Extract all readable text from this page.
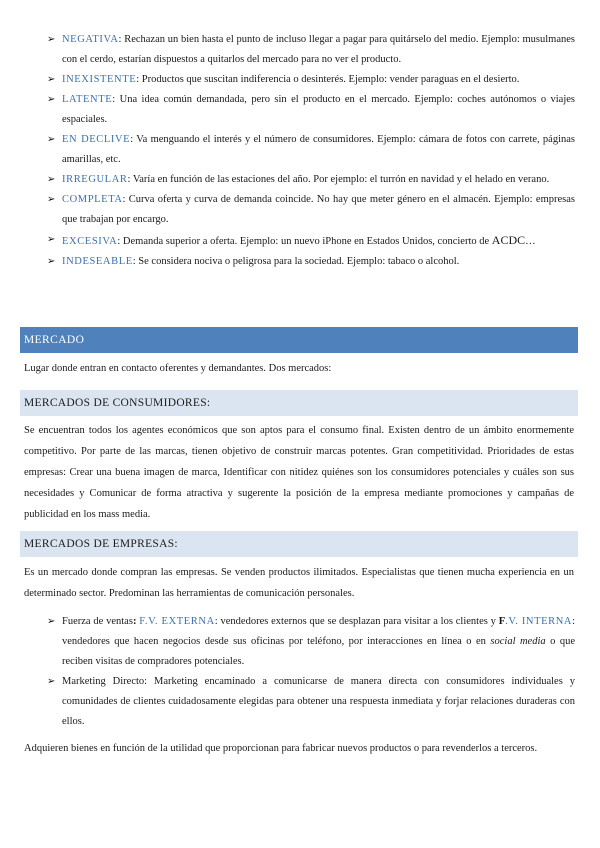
➢ NEGATIVA: Rechazan un bien hasta el punto de incluso llegar a pagar para quitárselo del medio. Ejemplo: musulmanes con el cerdo, estarían dispuestos a quitarlos del mercado para no ver el producto.
➢ INEXISTENTE: Productos que suscitan indiferencia o desinterés. Ejemplo: vender paraguas en el desierto.
➢ LATENTE: Una idea común demandada, pero sin el producto en el mercado. Ejemplo: coches autónomos o viajes espaciales.
➢ EN DECLIVE: Va menguando el interés y el número de consumidores. Ejemplo: cámara de fotos con carrete, páginas amarillas, etc.
➢ IRREGULAR: Varía en función de las estaciones del año. Por ejemplo: el turrón en navidad y el helado en verano.
➢ COMPLETA: Curva oferta y curva de demanda coincide. No hay que meter género en el almacén. Ejemplo: empresas que trabajan por encargo.
➢ EXCESIVA: Demanda superior a oferta. Ejemplo: un nuevo iPhone en Estados Unidos, concierto de ACDC…
➢ INDESEABLE: Se considera nociva o peligrosa para la sociedad. Ejemplo: tabaco o alcohol.
MERCADO

Lugar donde entran en contacto oferentes y demandantes. Dos mercados:

MERCADOS DE CONSUMIDORES:

Se encuentran todos los agentes económicos que son aptos para el consumo final. Existen dentro de un ámbito enormemente competitivo. Por parte de las marcas, tienen objetivo de construir marcas potentes. Gran competitividad. Prioridades de estas empresas: Crear una buena imagen de marca, Identificar con nitidez quiénes son los consumidores potenciales y cuáles son sus necesidades y Comunicar de forma atractiva y sugerente la posición de la empresa mediante promociones y campañas de publicidad en los mass media.

MERCADOS DE EMPRESAS:

Es un mercado donde compran las empresas. Se venden productos ilimitados. Especialistas que tienen mucha experiencia en un determinado sector. Predominan las herramientas de comunicación personales.

➢ Fuerza de ventas: F.V. EXTERNA: vendedores externos que se desplazan para visitar a los clientes y F.V. INTERNA: vendedores que hacen negocios desde sus oficinas por teléfono, por interacciones en línea o en social media o que reciben visitas de compradores potenciales.
➢ Marketing Directo: Marketing encaminado a comunicarse de manera directa con consumidores individuales y comunidades de clientes cuidadosamente elegidas para obtener una respuesta inmediata y forjar relaciones duraderas con ellos.

Adquieren bienes en función de la utilidad que proporcionan para fabricar nuevos productos o para revenderlos a terceros.
